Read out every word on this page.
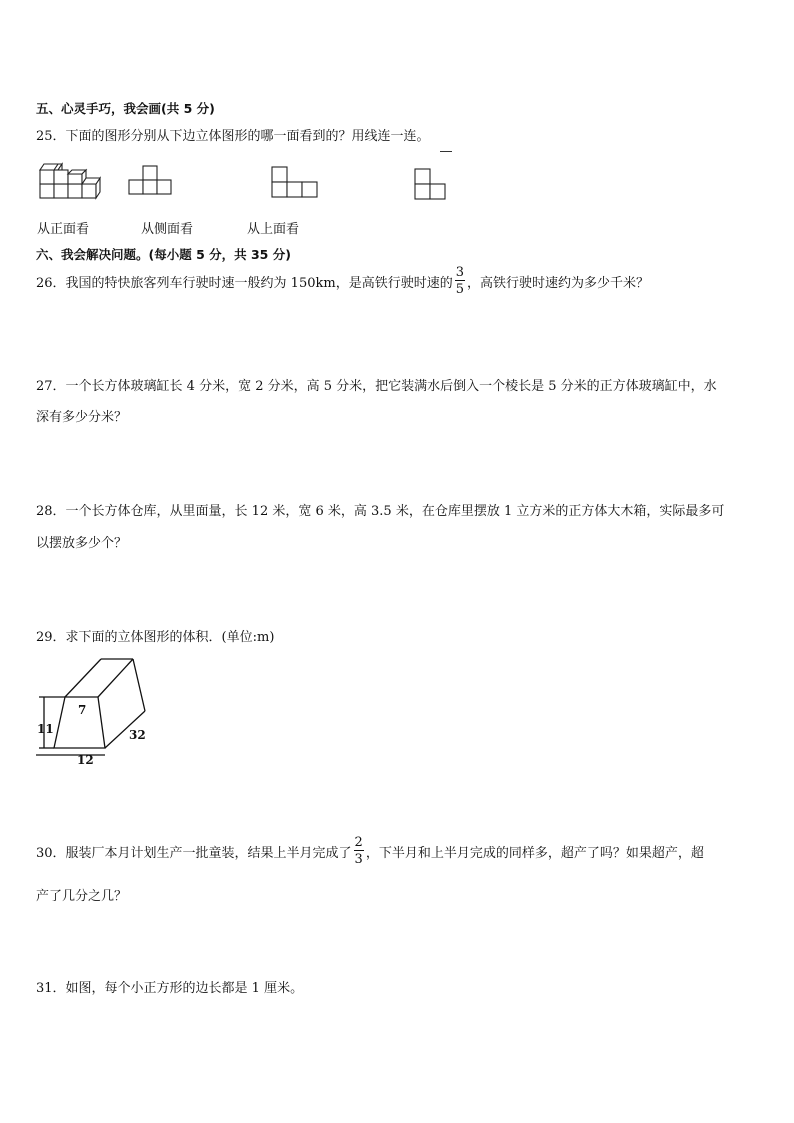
五、心灵手巧，我会画(共 5 分)
25．下面的图形分别从下边立体图形的哪一面看到的？用线连一连。
从正面看	从侧面看	从上面看
六、我会解决问题。(每小题 5 分，共 35 分)
26．我国的特快旅客列车行驶时速一般约为 150km，是高铁行驶时速的 $\frac{3}{5}$ ，高铁行驶时速约为多少千米？
27．一个长方体玻璃缸长 4 分米，宽 2 分米，高 5 分米，把它装满水后倒入一个棱长是 5 分米的正方体玻璃缸中，水
深有多少分米？
28．一个长方体仓库，从里面量，长 12 米，宽 6 米，高 3.5 米，在仓库里摆放 1 立方米的正方体大木箱，实际最多可
以摆放多少个？
29．求下面的立体图形的体积．(单位:m)
7
11
12
32
30．服装厂本月计划生产一批童装，结果上半月完成了 $\frac{2}{3}$ ，下半月和上半月完成的同样多，超产了吗？如果超产，超
产了几分之几？
31．如图，每个小正方形的边长都是 1 厘米。
